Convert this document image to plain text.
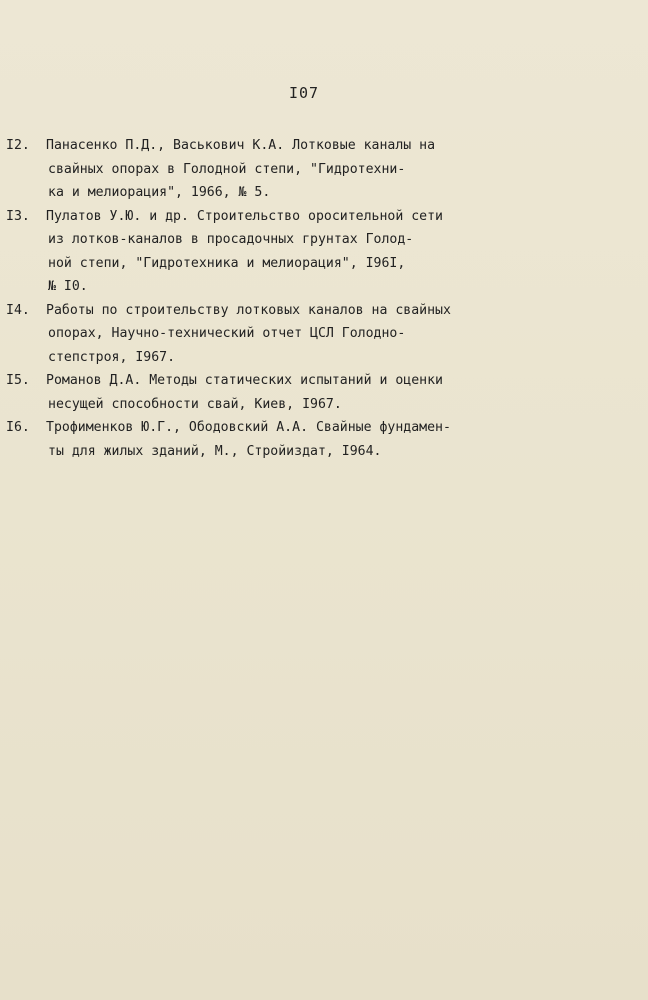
I07
I2. Панасенко П.Д., Васькович К.А. Лотковые каналы на
свайных опорах в Голодной степи, "Гидротехни-
ка и мелиорация", 1966, № 5.
I3. Пулатов У.Ю. и др. Строительство оросительной сети
из лотков-каналов в просадочных грунтах Голод-
ной степи, "Гидротехника и мелиорация", I96I,
№ I0.
I4. Работы по строительству лотковых каналов на свайных
опорах, Научно-технический отчет ЦСЛ Голодно-
степстроя, I967.
I5. Романов Д.А. Методы статических испытаний и оценки
несущей способности свай, Киев, I967.
I6. Трофименков Ю.Г., Ободовский А.А. Свайные фундамен-
ты для жилых зданий, М., Стройиздат, I964.
